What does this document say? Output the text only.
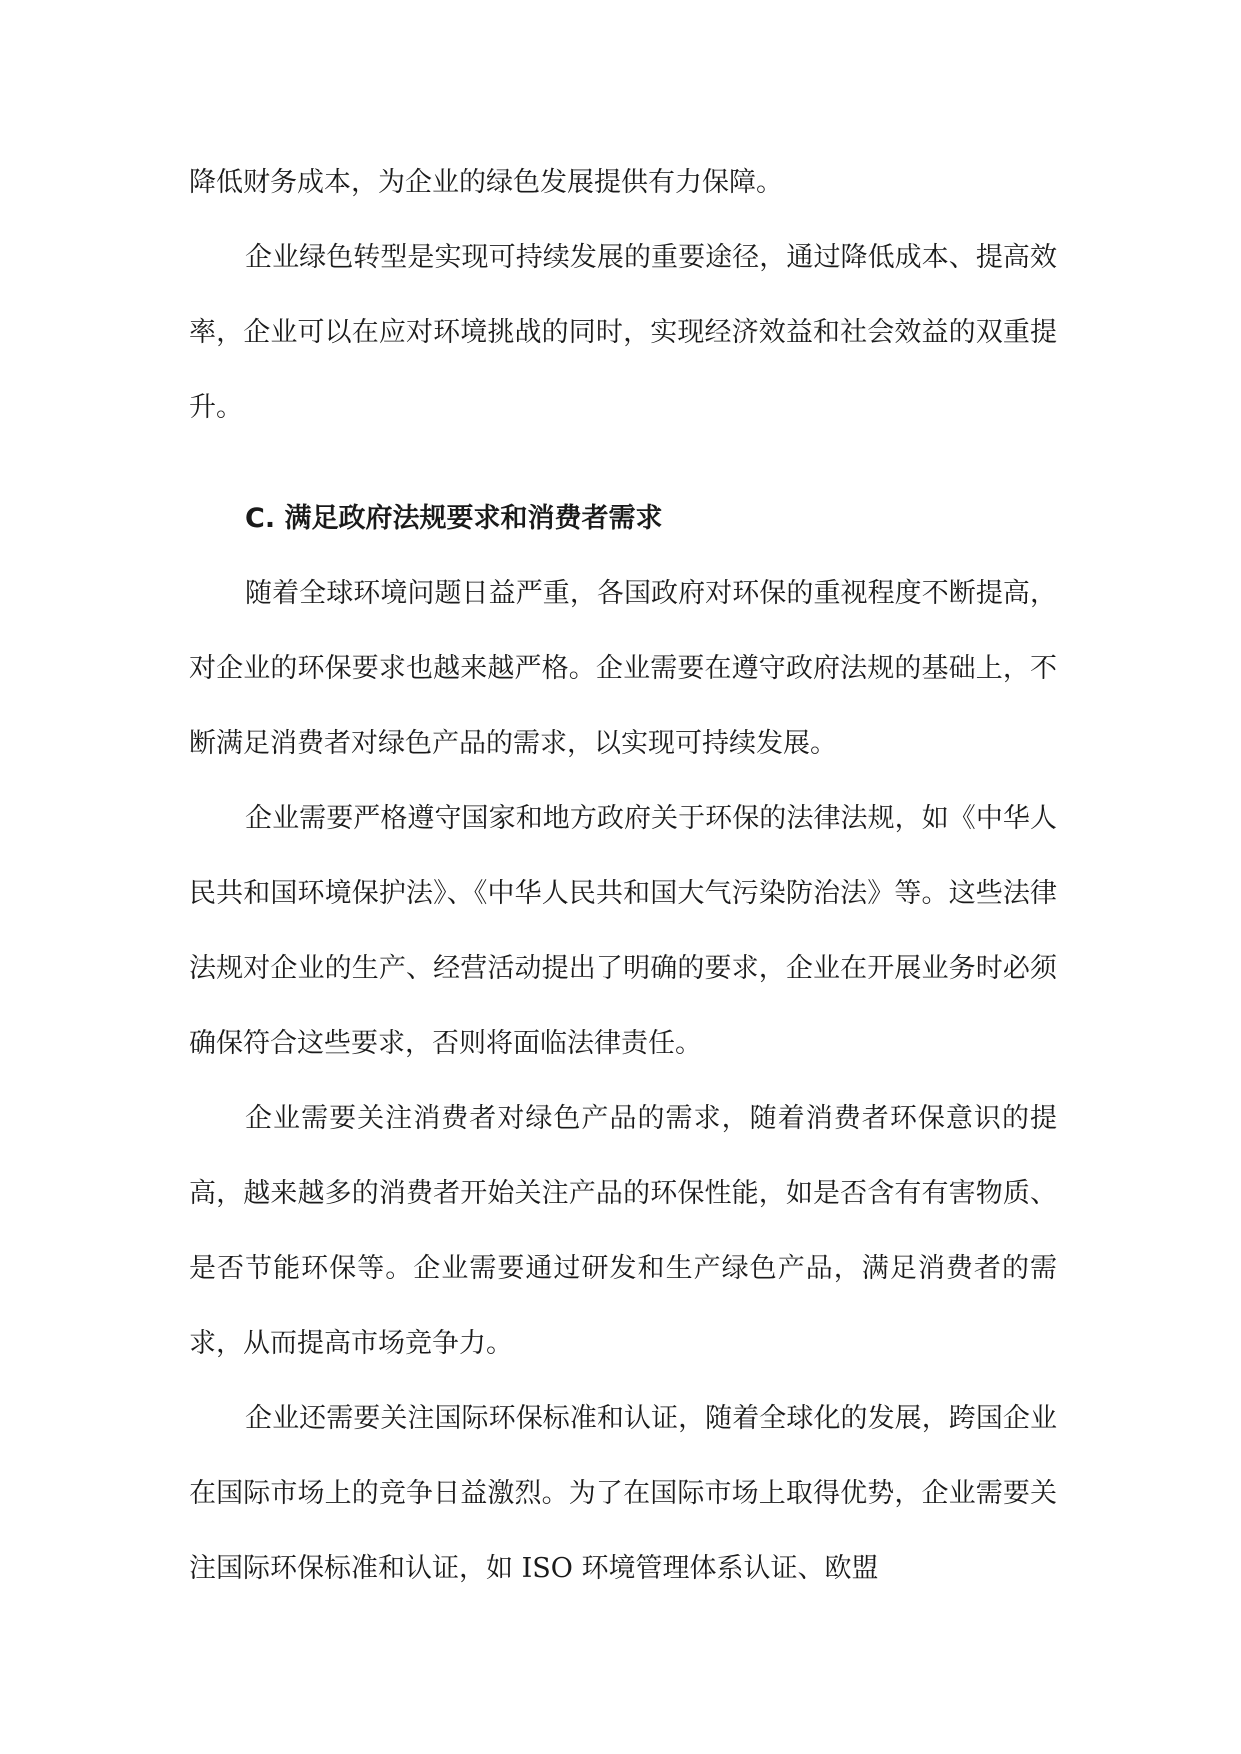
降低财务成本，为企业的绿色发展提供有力保障。

企业绿色转型是实现可持续发展的重要途径，通过降低成本、提高效率，企业可以在应对环境挑战的同时，实现经济效益和社会效益的双重提升。

C. 满足政府法规要求和消费者需求

随着全球环境问题日益严重，各国政府对环保的重视程度不断提高，对企业的环保要求也越来越严格。企业需要在遵守政府法规的基础上，不断满足消费者对绿色产品的需求，以实现可持续发展。

企业需要严格遵守国家和地方政府关于环保的法律法规，如《中华人民共和国环境保护法》、《中华人民共和国大气污染防治法》等。这些法律法规对企业的生产、经营活动提出了明确的要求，企业在开展业务时必须确保符合这些要求，否则将面临法律责任。

企业需要关注消费者对绿色产品的需求，随着消费者环保意识的提高，越来越多的消费者开始关注产品的环保性能，如是否含有有害物质、是否节能环保等。企业需要通过研发和生产绿色产品，满足消费者的需求，从而提高市场竞争力。

企业还需要关注国际环保标准和认证，随着全球化的发展，跨国企业在国际市场上的竞争日益激烈。为了在国际市场上取得优势，企业需要关注国际环保标准和认证，如 ISO 环境管理体系认证、欧盟
